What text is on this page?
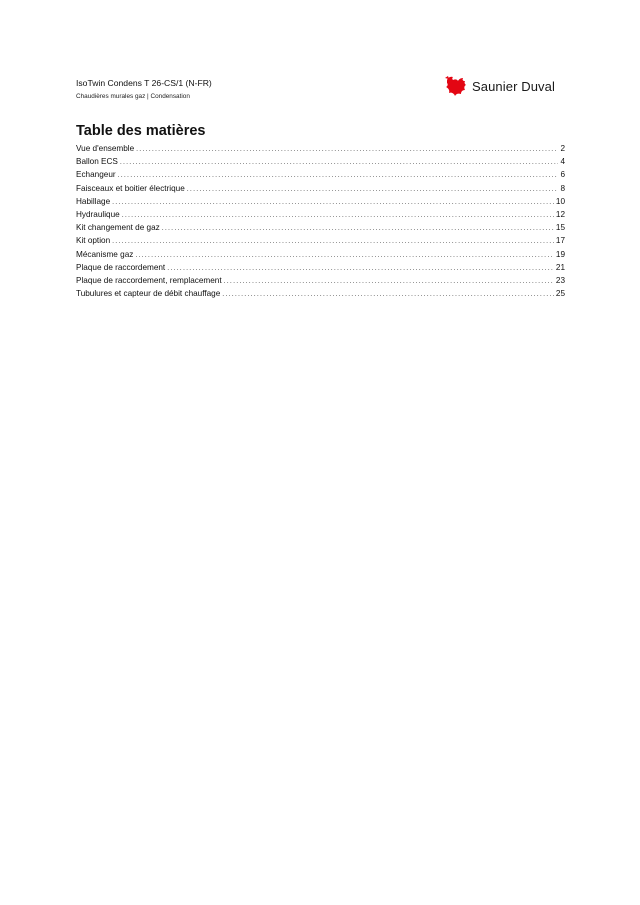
IsoTwin Condens T 26-CS/1 (N-FR)
Chaudières murales gaz | Condensation
Saunier Duval
Table des matières
Vue d'ensemble .....	2
Ballon ECS .....	4
Echangeur .....	6
Faisceaux et boitier électrique .....	8
Habillage .....	10
Hydraulique .....	12
Kit changement de gaz .....	15
Kit option .....	17
Mécanisme gaz .....	19
Plaque de raccordement .....	21
Plaque de raccordement, remplacement .....	23
Tubulures et capteur de débit chauffage .....	25
